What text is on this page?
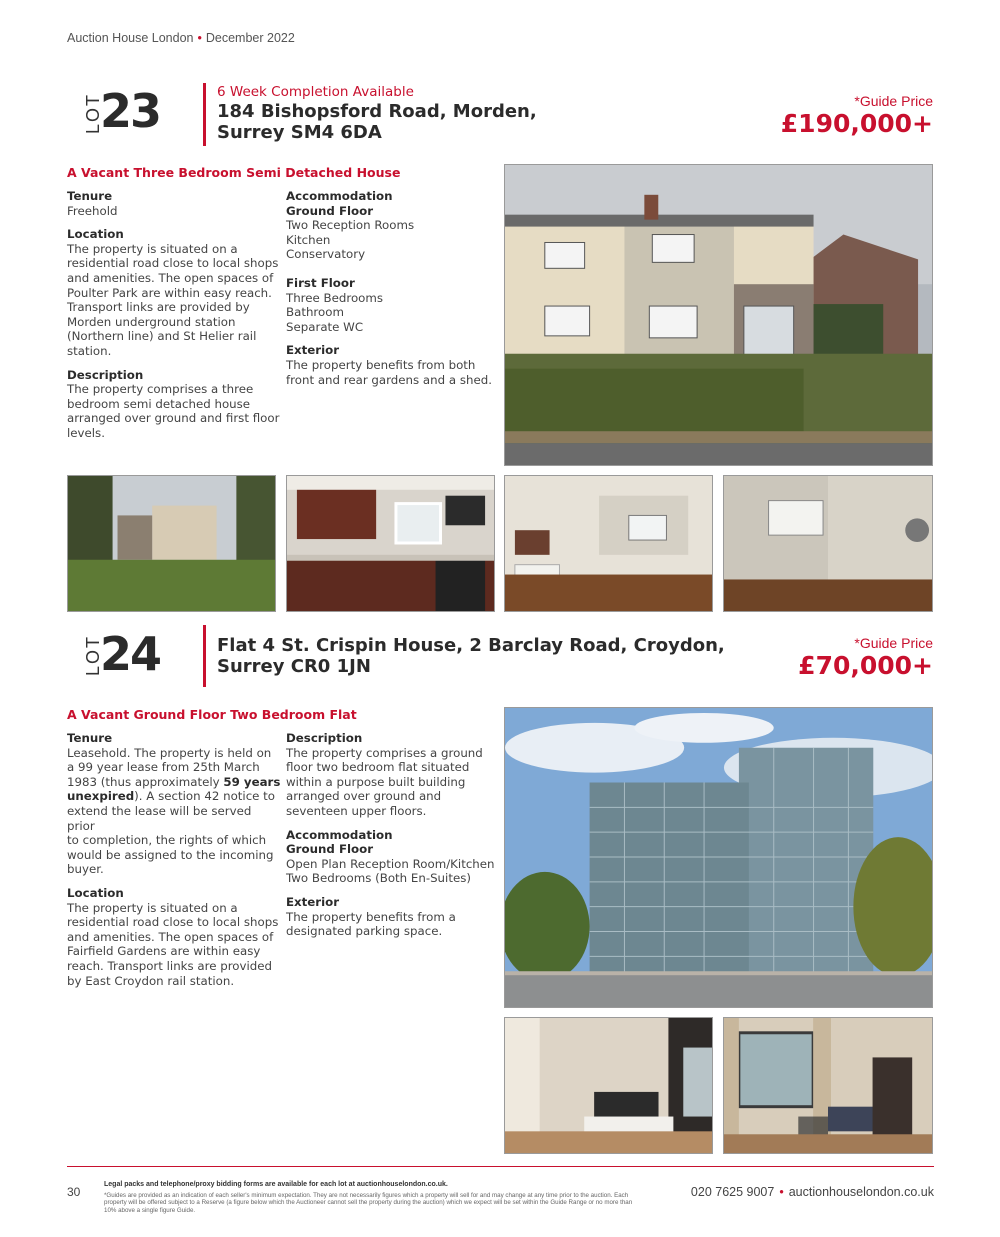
Auction House London • December 2022
LOT
23	6 Week Completion Available
184 Bishopsford Road, Morden,
Surrey SM4 6DA
*Guide Price
£190,000+
A Vacant Three Bedroom Semi Detached House
Tenure
Freehold
Location
The property is situated on a
residential road close to local shops
and amenities. The open spaces of
Poulter Park are within easy reach.
Transport links are provided by
Morden underground station
(Northern line) and St Helier rail
station.
Description
The property comprises a three
bedroom semi detached house
arranged over ground and first floor
levels.
Accommodation
Ground Floor
Two Reception Rooms
Kitchen
Conservatory
First Floor
Three Bedrooms
Bathroom
Separate WC
Exterior
The property benefits from both
front and rear gardens and a shed.
LOT
24	Flat 4 St. Crispin House, 2 Barclay Road, Croydon,
Surrey CR0 1JN
*Guide Price
£70,000+
A Vacant Ground Floor Two Bedroom Flat
Tenure
Leasehold. The property is held on
a 99 year lease from 25th March
1983 (thus approximately 59 years
unexpired). A section 42 notice to
extend the lease will be served prior
to completion, the rights of which
would be assigned to the incoming
buyer.
Location
The property is situated on a
residential road close to local shops
and amenities. The open spaces of
Fairfield Gardens are within easy
reach. Transport links are provided
by East Croydon rail station.
Description
The property comprises a ground
floor two bedroom flat situated
within a purpose built building
arranged over ground and
seventeen upper floors.
Accommodation
Ground Floor
Open Plan Reception Room/Kitchen
Two Bedrooms (Both En-Suites)
Exterior
The property benefits from a
designated parking space.
30
Legal packs and telephone/proxy bidding forms are available for each lot at auctionhouselondon.co.uk.
*Guides are provided as an indication of each seller's minimum expectation. They are not necessarily figures which a property will sell for and may change at any time prior to the auction. Each property will be offered subject to a Reserve (a figure below which the Auctioneer cannot sell the property during the auction) which we expect will be set within the Guide Range or no more than 10% above a single figure Guide.
020 7625 9007 • auctionhouselondon.co.uk
